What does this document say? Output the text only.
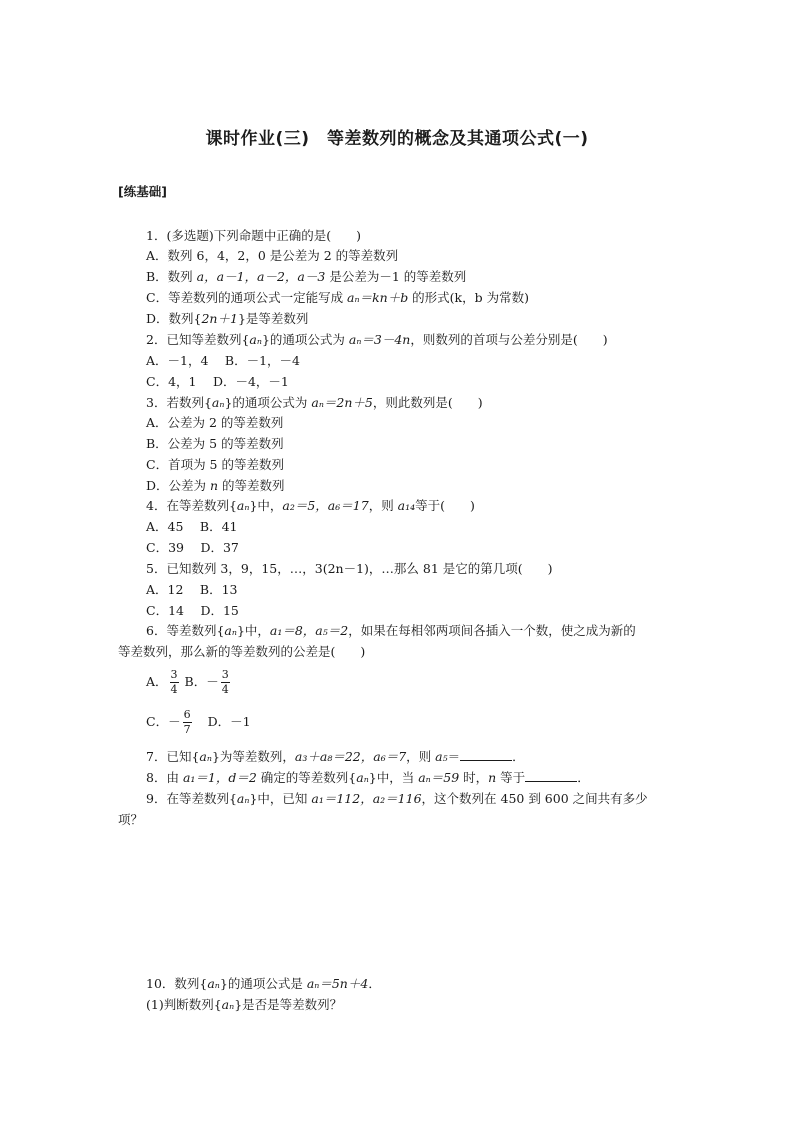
课时作业(三)　等差数列的概念及其通项公式(一)
[练基础]
1．(多选题)下列命题中正确的是(　　)
A．数列 6，4，2，0 是公差为 2 的等差数列
B．数列 a，a－1，a－2，a－3 是公差为－1 的等差数列
C．等差数列的通项公式一定能写成 aₙ＝kn＋b 的形式(k，b 为常数)
D．数列{2n＋1}是等差数列
2．已知等差数列{aₙ}的通项公式为 aₙ＝3－4n，则数列的首项与公差分别是(　　)
A．－1，4　 B．－1，－4
C．4，1　 D．－4，－1
3．若数列{aₙ}的通项公式为 aₙ＝2n＋5，则此数列是(　　)
A．公差为 2 的等差数列
B．公差为 5 的等差数列
C．首项为 5 的等差数列
D．公差为 n 的等差数列
4．在等差数列{aₙ}中，a₂＝5，a₆＝17，则 a₁₄等于(　　)
A．45　 B．41
C．39　 D．37
5．已知数列 3，9，15，…，3(2n－1)，…那么 81 是它的第几项(　　)
A．12　 B．13
C．14　 D．15
6．等差数列{aₙ}中，a₁＝8，a₅＝2，如果在每相邻两项间各插入一个数，使之成为新的
等差数列，那么新的等差数列的公差是(　　)
A． $\frac{3}{4}$ B．－ $\frac{3}{4}$
C．－ $\frac{6}{7}$ D．－1
7．已知{aₙ}为等差数列，a₃＋a₈＝22，a₆＝7，则 a₅＝	．
8．由 a₁＝1，d＝2 确定的等差数列{aₙ}中，当 aₙ＝59 时，n 等于	．
9．在等差数列{aₙ}中，已知 a₁＝112，a₂＝116，这个数列在 450 到 600 之间共有多少
项？
10．数列{aₙ}的通项公式是 aₙ＝5n＋4．
(1)判断数列{aₙ}是否是等差数列？
